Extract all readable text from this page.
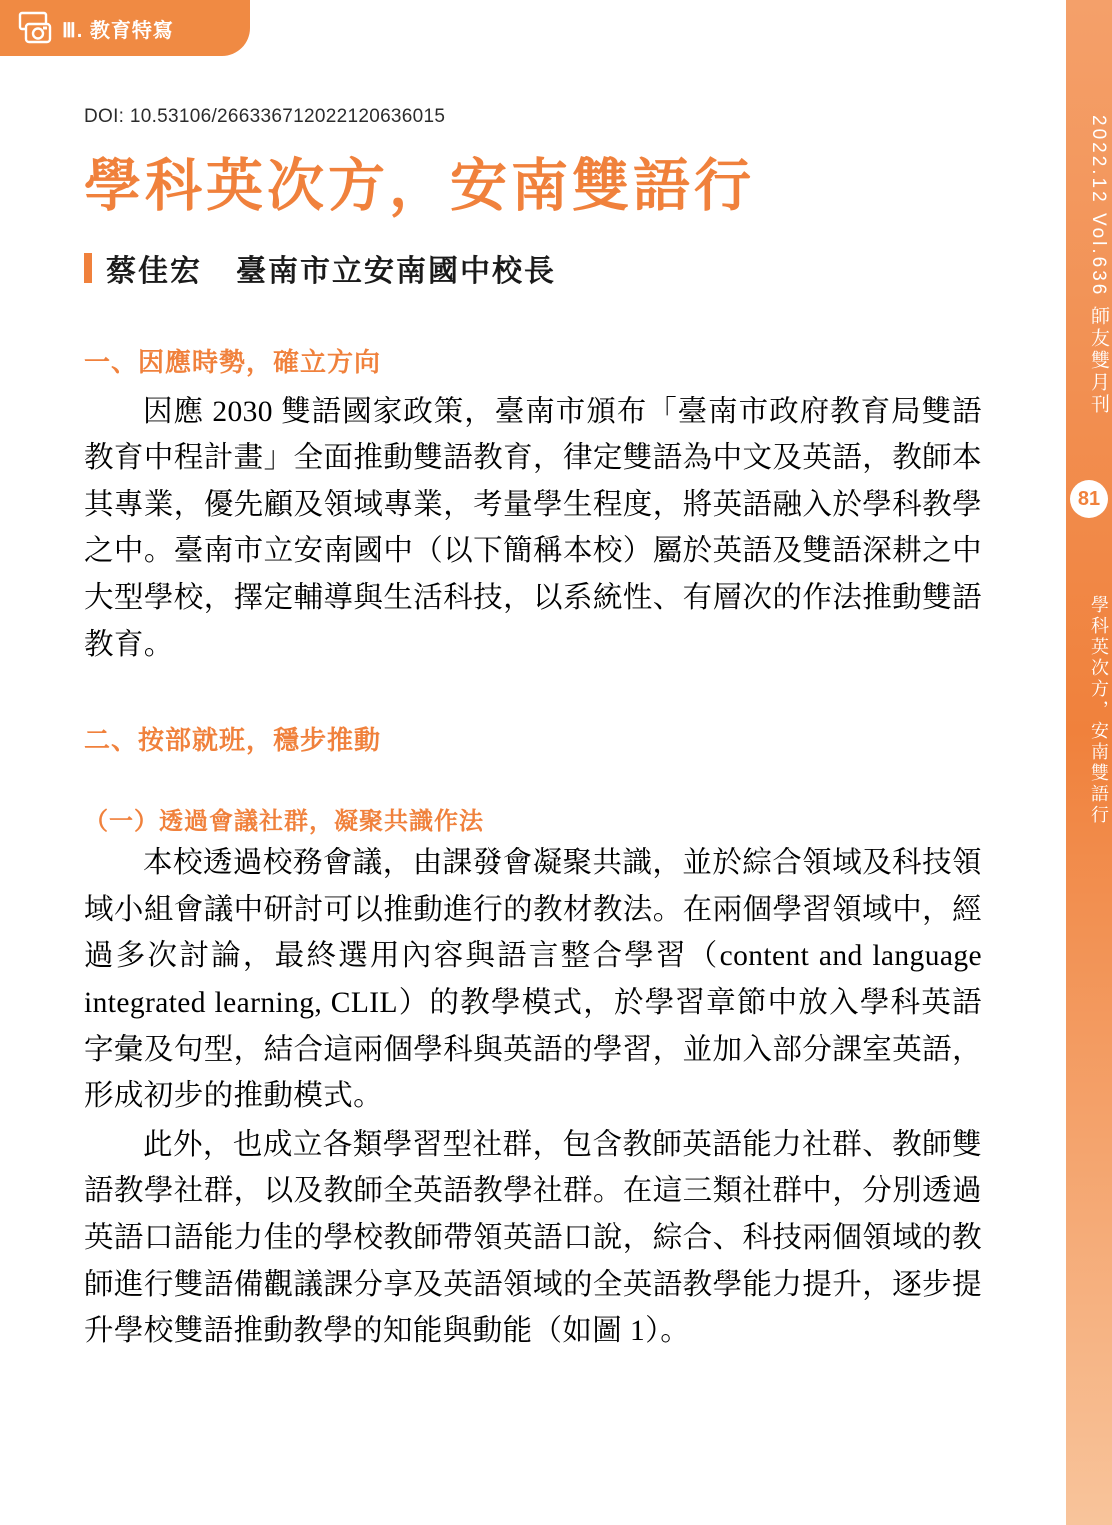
2022.12 Vol.636 師友雙月刊
81
學科英次方，安南雙語行
Ⅲ. 教育特寫
DOI: 10.53106/266336712022120636015
學科英次方，安南雙語行
蔡佳宏 臺南市立安南國中校長
一、因應時勢，確立方向

因應 2030 雙語國家政策，臺南市頒布「臺南市政府教育局雙語教育中程計畫」全面推動雙語教育，律定雙語為中文及英語，教師本其專業，優先顧及領域專業，考量學生程度，將英語融入於學科教學之中。臺南市立安南國中（以下簡稱本校）屬於英語及雙語深耕之中大型學校，擇定輔導與生活科技，以系統性、有層次的作法推動雙語教育。

二、按部就班，穩步推動
（一）透過會議社群，凝聚共識作法

本校透過校務會議，由課發會凝聚共識，並於綜合領域及科技領域小組會議中研討可以推動進行的教材教法。在兩個學習領域中，經過多次討論，最終選用內容與語言整合學習（content and language integrated learning, CLIL）的教學模式，於學習章節中放入學科英語字彙及句型，結合這兩個學科與英語的學習，並加入部分課室英語，形成初步的推動模式。

此外，也成立各類學習型社群，包含教師英語能力社群、教師雙語教學社群，以及教師全英語教學社群。在這三類社群中，分別透過英語口語能力佳的學校教師帶領英語口說，綜合、科技兩個領域的教師進行雙語備觀議課分享及英語領域的全英語教學能力提升，逐步提升學校雙語推動教學的知能與動能（如圖 1）。
